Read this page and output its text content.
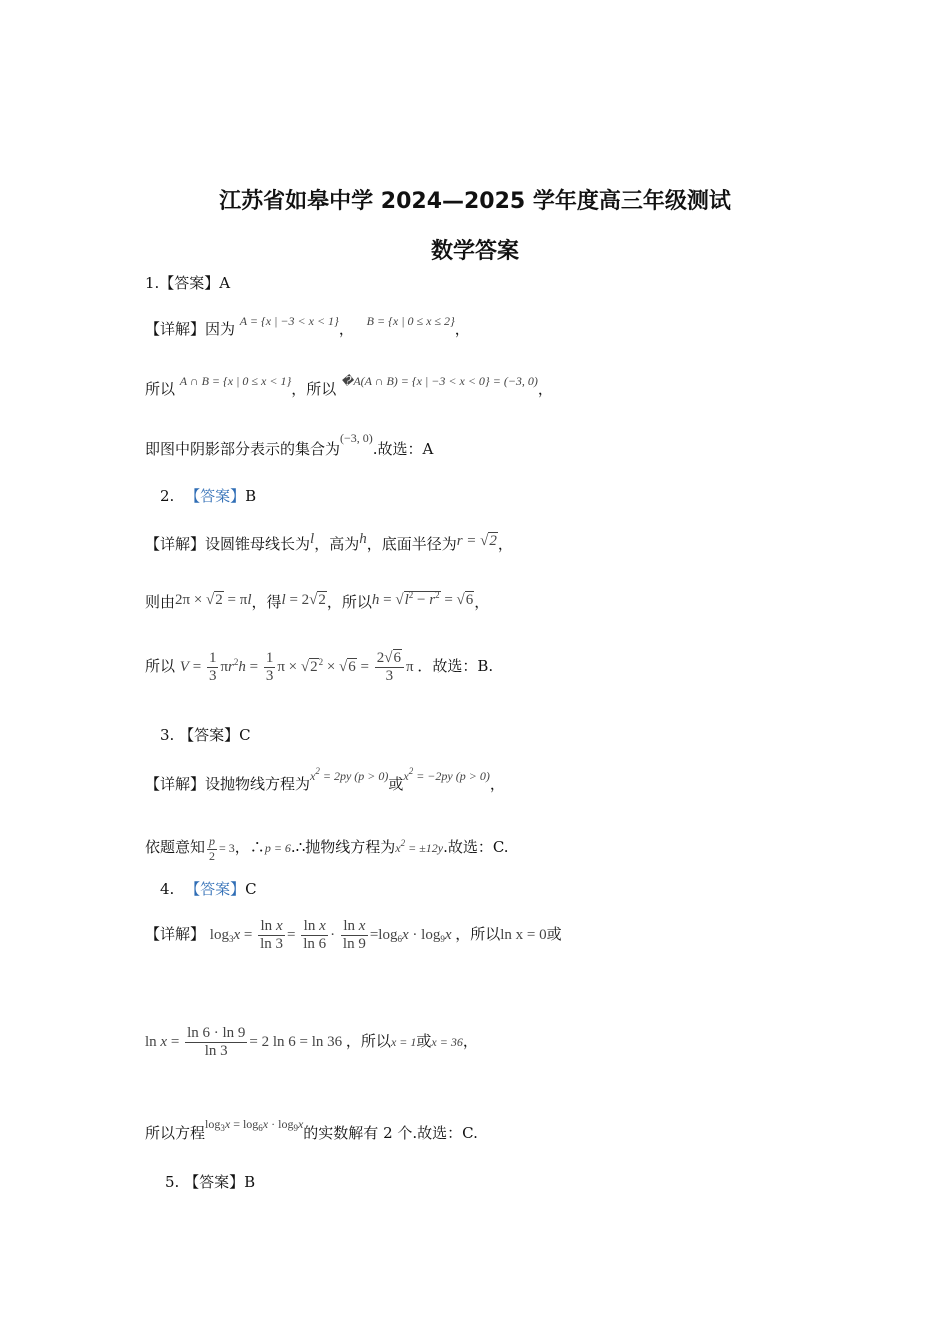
江苏省如皋中学 2024—2025 学年度高三年级测试
数学答案
1.【答案】A
【详解】因为 $^{A = \{x | -3 < x < 1\}}$， $^{B = \{x | 0 \le x \le 2\}}$，
所以 $^{A \cap B = \{x | 0 \le x < 1\}}$，所以 $^{�A(A \cap B) = \{x | -3 < x < 0\} = (-3, 0)}$，
即图中阴影部分表示的集合为$^{(-3, 0)}$.故选：A
2. 【答案】B
【详解】设圆锥母线长为l，高为h，底面半径为r = √2，
则由2π × √2 = πl，得l = 2√2，所以$h = √l^2 - r^2 = √6$，
所以 $V = \frac{1}{3} \pi r^2h = \frac{1}{3}$ $\pi \times √2^2 \times √6 = \frac{2√6}{3}$ π ．故选：B.
3. 【答案】C
【详解】设抛物线方程为$^{x^2 = 2py (p > 0)}$或$^{x^2 = -2py (p > 0)}$，
依题意知 $\frac{p}{2} = 3$，∴p = 6.∴抛物线方程为$x^2 = \pm 12y$.故选：C.
4. 【答案】C
【详解】 $\log_3x = \frac{\text{ln x}}{\ln 3} = \frac{\text{ln x}}{\ln 6} \cdot \frac{\text{ln x}}{\ln 9} =\log_6x \cdot \log_9x$ ，所以ln x = 0或
$\ln x = \frac{\ln 6 \cdot \ln 9}{\ln 3} = 2$ ln 6 = ln 36 ，所以x = 1或x = 36，
所以方程$^{log_3x = log_6x \cdot log_9x}$的实数解有 2 个.故选：C.
5. 【答案】B
